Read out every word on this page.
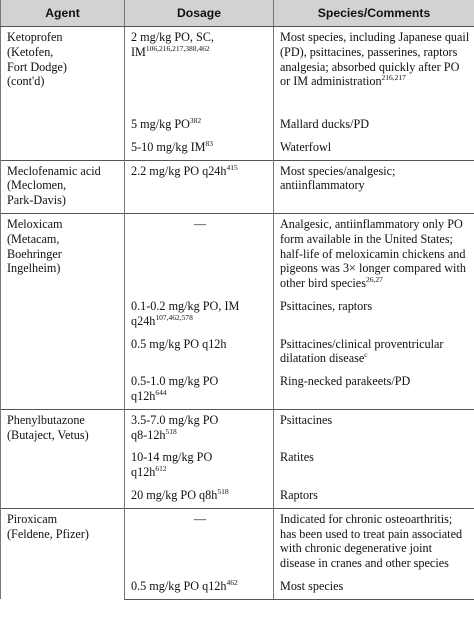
Agent	Dosage	Species/Comments
Ketoprofen
(Ketofen,
Fort Dodge)
(cont'd)	2 mg/kg PO, SC,
IM$^{106,216,217,388,462}$	Most species, including Japanese quail (PD), psittacines, passerines, raptors analgesia; absorbed quickly after PO or IM administration$^{216,217}$
	5 mg/kg PO$^{382}$	Mallard ducks/PD
	5-10 mg/kg IM$^{83}$	Waterfowl
Meclofenamic acid
(Meclomen,
Park-Davis)	2.2 mg/kg PO $q24h^{415}$	Most species/analgesic; antiinflammatory
Meloxicam
(Metacam,
Boehringer
Ingelheim)	—	Analgesic, antiinflammatory only PO form available in the United States; half-life of meloxicamin chickens and pigeons was 3× longer compared with other bird species$^{26,27}$
	0.1-0.2 mg/kg PO, IM
$q24h^{107,462,578}$	Psittacines, raptors
	0.5 mg/kg PO q12h	Psittacines/clinical proventricular dilatation disease$^c$
	0.5-1.0 mg/kg PO
$q12h^{644}$	Ring-necked parakeets/PD
Phenylbutazone
(Butaject, Vetus)	3.5-7.0 mg/kg PO
$q8-12h^{518}$	Psittacines
	10-14 mg/kg PO
$q12h^{612}$	Ratites
	20 mg/kg PO $q8h^{518}$	Raptors
Piroxicam
(Feldene, Pfizer)	—	Indicated for chronic osteoarthritis; has been used to treat pain associated with chronic degenerative joint disease in cranes and other species
	0.5 mg/kg PO $q12h^{462}$	Most species
